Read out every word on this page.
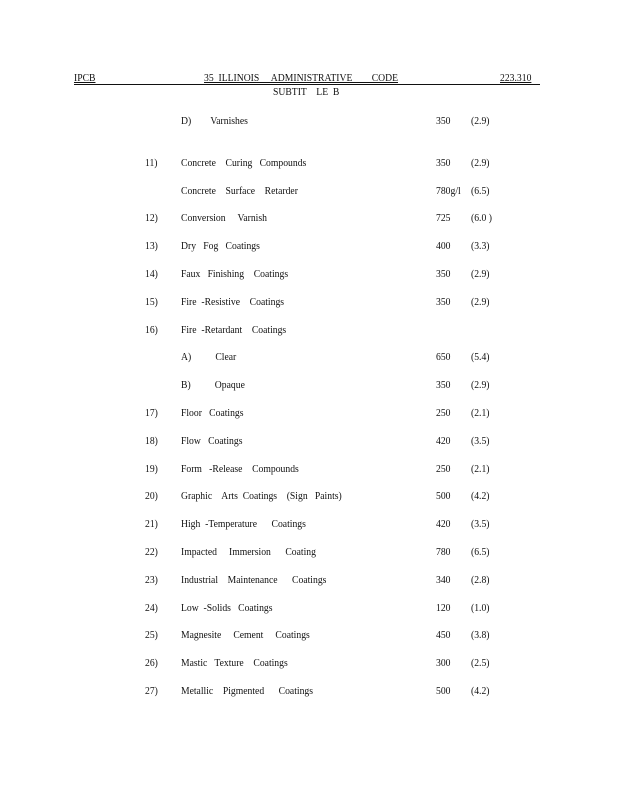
IPCB	35  ILLINOIS     ADMINISTRATIVE        CODE	223.310
SUBTIT    LE  B
D)        Varnishes	350 (2.9)
11) Concrete    Curing   Compounds	350 (2.9)
Concrete    Surface    Retarder	780g/l (6.5)
12) Conversion     Varnish	725 (6.0 )
13) Dry   Fog   Coatings	400 (3.3)
14) Faux   Finishing    Coatings	350 (2.9)
15) Fire  -Resistive    Coatings	350 (2.9)
16) Fire  -Retardant    Coatings
A)          Clear	650 (5.4)
B)          Opaque	350 (2.9)
17) Floor   Coatings	250 (2.1)
18) Flow   Coatings	420 (3.5)
19) Form   -Release    Compounds	250 (2.1)
20) Graphic    Arts  Coatings    (Sign   Paints)	500 (4.2)
21) High  -Temperature      Coatings	420 (3.5)
22) Impacted     Immersion      Coating	780 (6.5)
23) Industrial    Maintenance      Coatings	340 (2.8)
24) Low  -Solids   Coatings	120 (1.0)
25) Magnesite     Cement     Coatings	450 (3.8)
26) Mastic   Texture    Coatings	300 (2.5)
27) Metallic    Pigmented      Coatings	500 (4.2)
